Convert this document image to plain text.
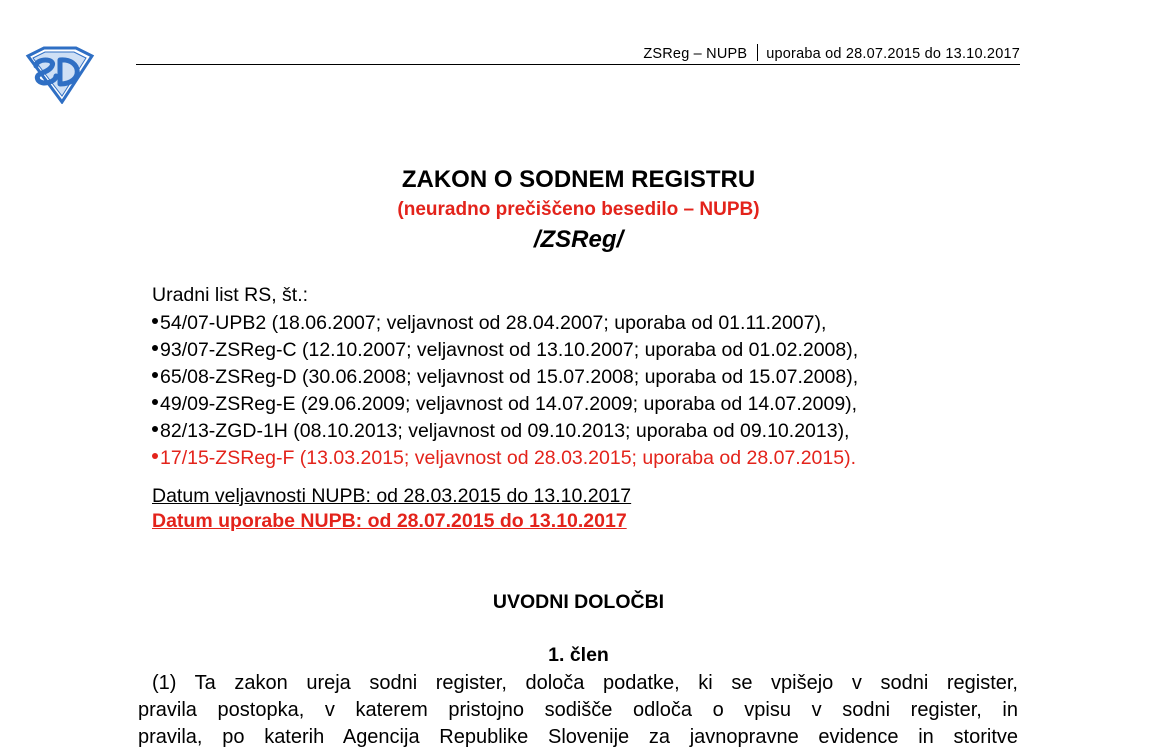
ZSReg – NUPB uporaba od 28.07.2015 do 13.10.2017
ZAKON O SODNEM REGISTRU
(neuradno prečiščeno besedilo – NUPB)
/ZSReg/
Uradni list RS, št.:
54/07-UPB2 (18.06.2007; veljavnost od 28.04.2007; uporaba od 01.11.2007),
93/07-ZSReg-C (12.10.2007; veljavnost od 13.10.2007; uporaba od 01.02.2008),
65/08-ZSReg-D (30.06.2008; veljavnost od 15.07.2008; uporaba od 15.07.2008),
49/09-ZSReg-E (29.06.2009; veljavnost od 14.07.2009; uporaba od 14.07.2009),
82/13-ZGD-1H (08.10.2013; veljavnost od 09.10.2013; uporaba od 09.10.2013),
17/15-ZSReg-F (13.03.2015; veljavnost od 28.03.2015; uporaba od 28.07.2015).
Datum veljavnosti NUPB: od 28.03.2015 do 13.10.2017
Datum uporabe NUPB: od 28.07.2015 do 13.10.2017
UVODNI DOLOČBI
1. člen
(1) Ta zakon ureja sodni register, določa podatke, ki se vpišejo v sodni register,
pravila postopka, v katerem pristojno sodišče odloča o vpisu v sodni register, in
pravila, po katerih Agencija Republike Slovenije za javnopravne evidence in storitve
